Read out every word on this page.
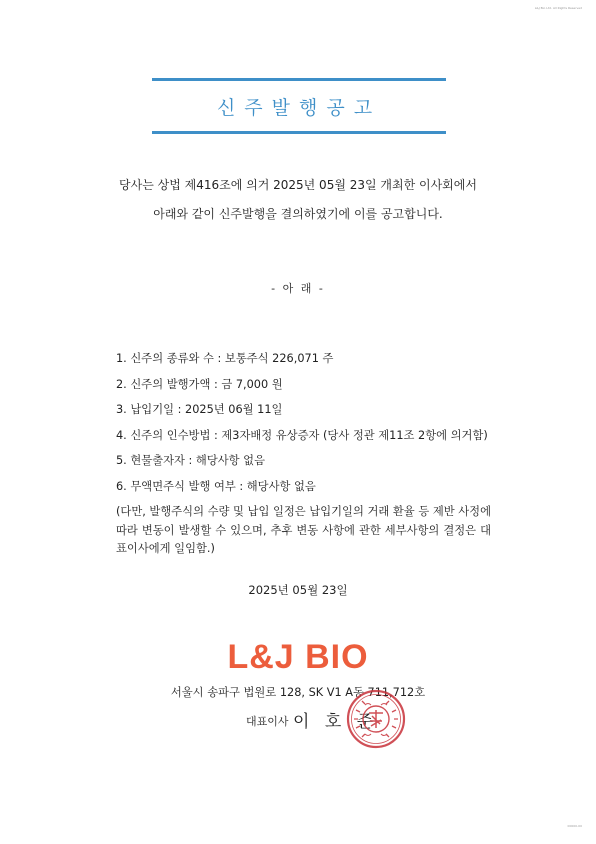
L&J Bio Ltd. All Rights Reserved
신주발행공고
당사는 상법 제416조에 의거 2025년 05월 23일 개최한 이사회에서
아래와 같이 신주발행을 결의하였기에 이를 공고합니다.
- 아 래 -
1. 신주의 종류와 수 : 보통주식 226,071 주
2. 신주의 발행가액 : 금 7,000 원
3. 납입기일 : 2025년 06월 11일
4. 신주의 인수방법 : 제3자배정 유상증자 (당사 정관 제11조 2항에 의거함)
5. 현물출자자 : 해당사항 없음
6. 무액면주식 발행 여부 : 해당사항 없음

(다만, 발행주식의 수량 및 납입 일정은 납입기일의 거래 환율 등 제반 사정에 따라 변동이 발생할 수 있으며, 추후 변동 사항에 관한 세부사항의 결정은 대표이사에게 일임함.)

2025년 05월 23일
L&J BIO
서울시 송파구 법원로 128, SK V1 A동 711,712호
대표이사 이 호 준
00000-00
